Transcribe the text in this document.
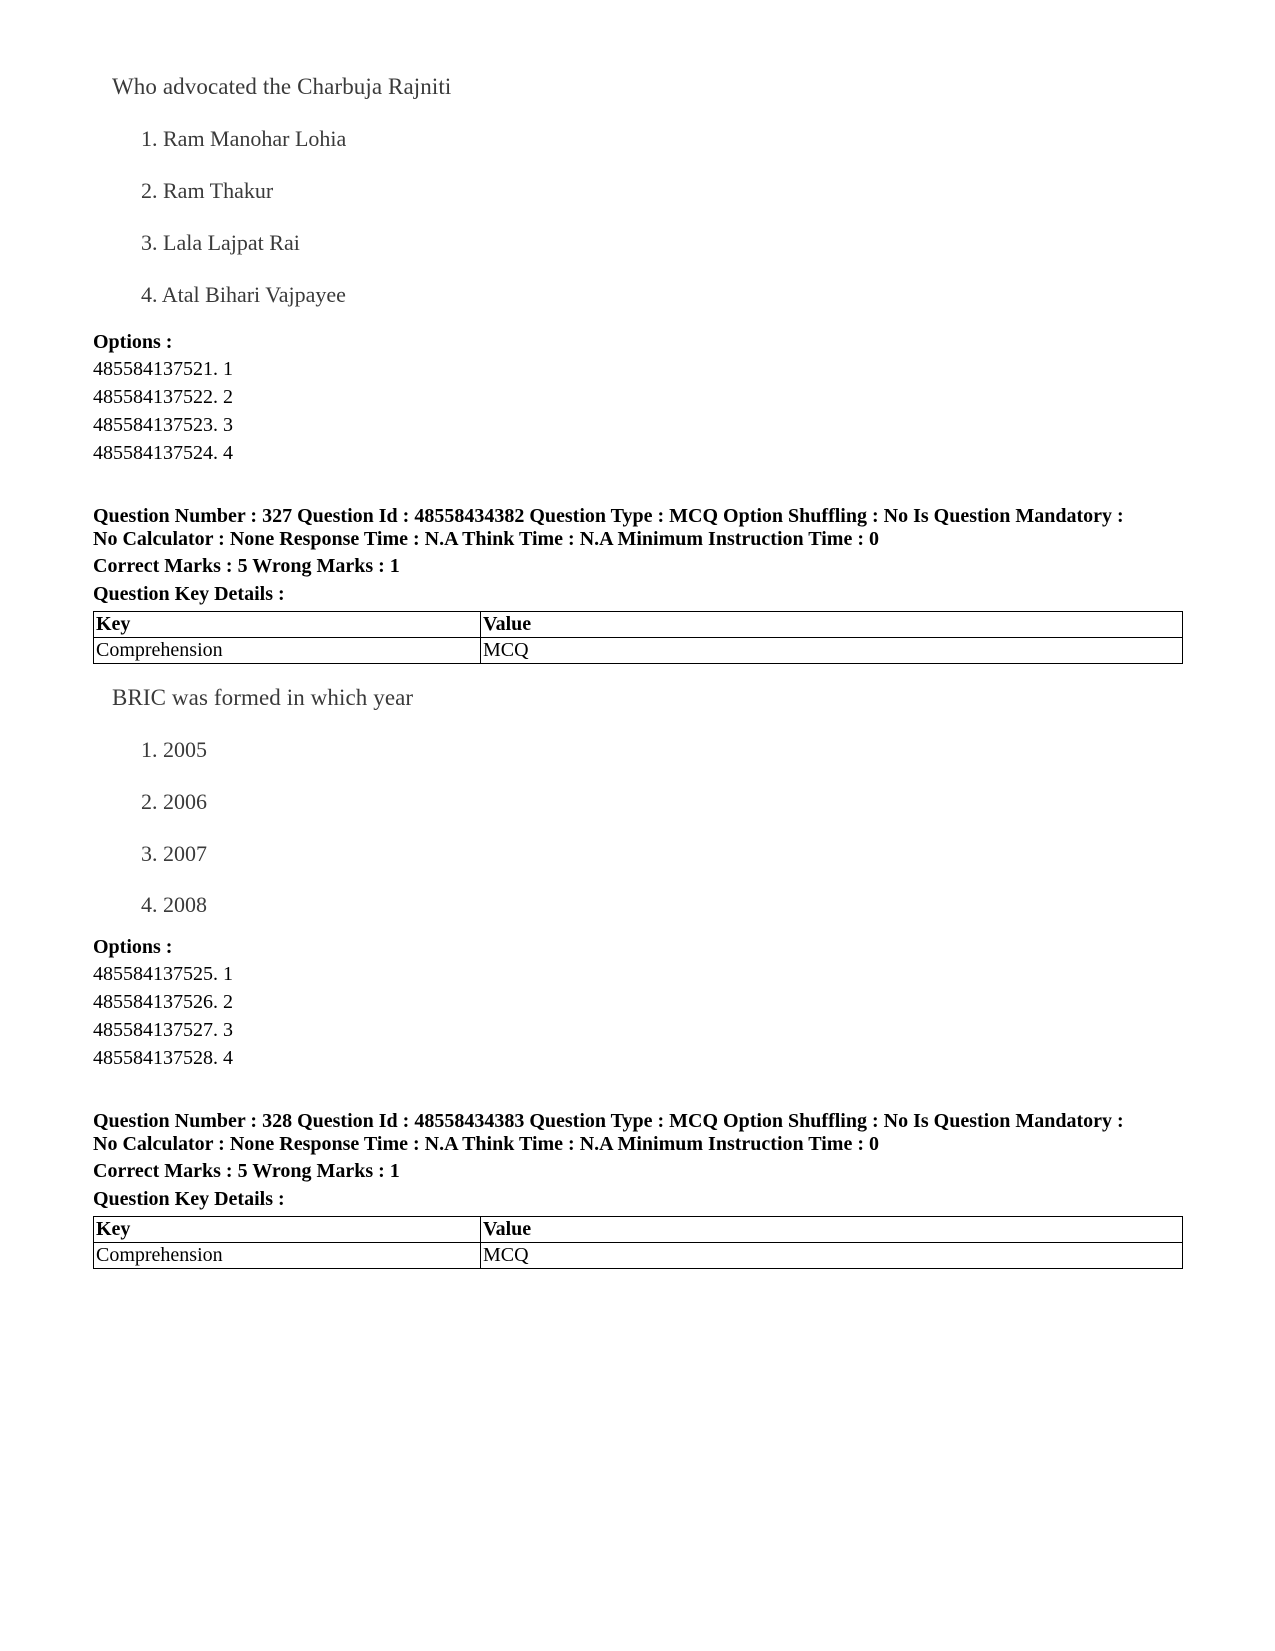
Who advocated the Charbuja Rajniti
1. Ram Manohar Lohia
2. Ram Thakur
3. Lala Lajpat Rai
4. Atal Bihari Vajpayee
Options :
485584137521. 1
485584137522. 2
485584137523. 3
485584137524. 4
Question Number : 327 Question Id : 48558434382 Question Type : MCQ Option Shuffling : No Is Question Mandatory :
No Calculator : None Response Time : N.A Think Time : N.A Minimum Instruction Time : 0
Correct Marks : 5 Wrong Marks : 1
Question Key Details :
Key	Value
Comprehension	MCQ
BRIC was formed in which year
1. 2005
2. 2006
3. 2007
4. 2008
Options :
485584137525. 1
485584137526. 2
485584137527. 3
485584137528. 4
Question Number : 328 Question Id : 48558434383 Question Type : MCQ Option Shuffling : No Is Question Mandatory :
No Calculator : None Response Time : N.A Think Time : N.A Minimum Instruction Time : 0
Correct Marks : 5 Wrong Marks : 1
Question Key Details :
Key	Value
Comprehension	MCQ
